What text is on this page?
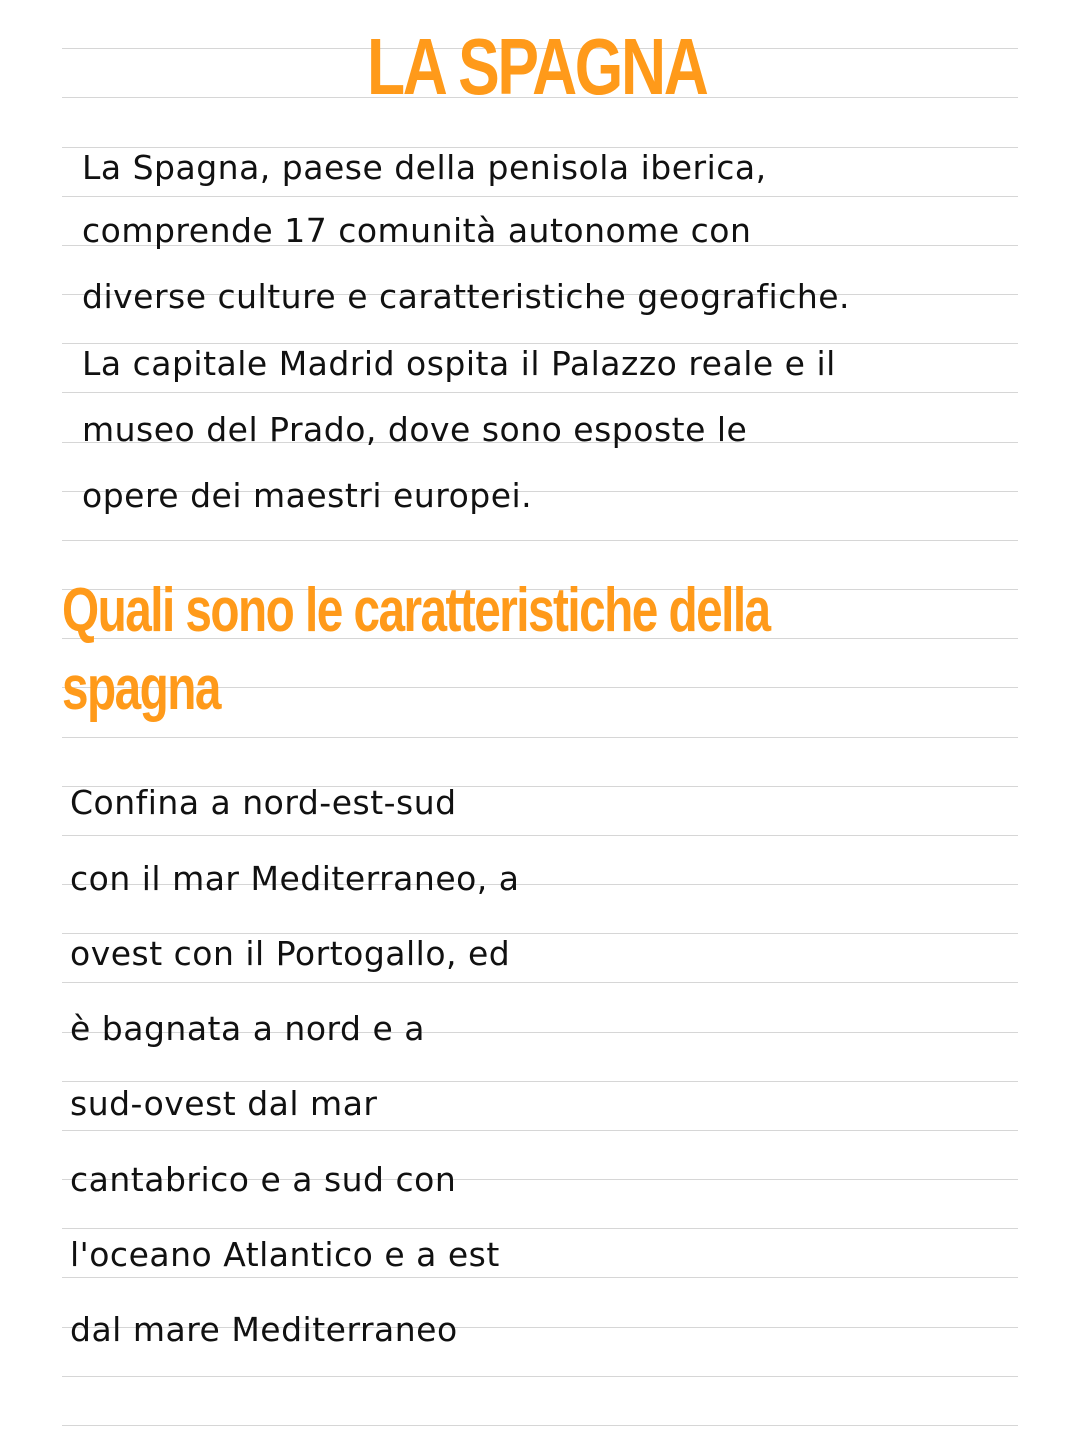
LA SPAGNA

La Spagna, paese della penisola iberica,

comprende 17 comunità autonome con

diverse culture e caratteristiche geografiche.

La capitale Madrid ospita il Palazzo reale e il

museo del Prado, dove sono esposte le

opere dei maestri europei.

Quali sono le caratteristiche della
spagna

Confina a nord-est-sud

con il mar Mediterraneo, a

ovest con il Portogallo, ed

è bagnata a nord e a

sud-ovest dal mar

cantabrico e a sud con

l'oceano Atlantico e a est

dal mare Mediterraneo
